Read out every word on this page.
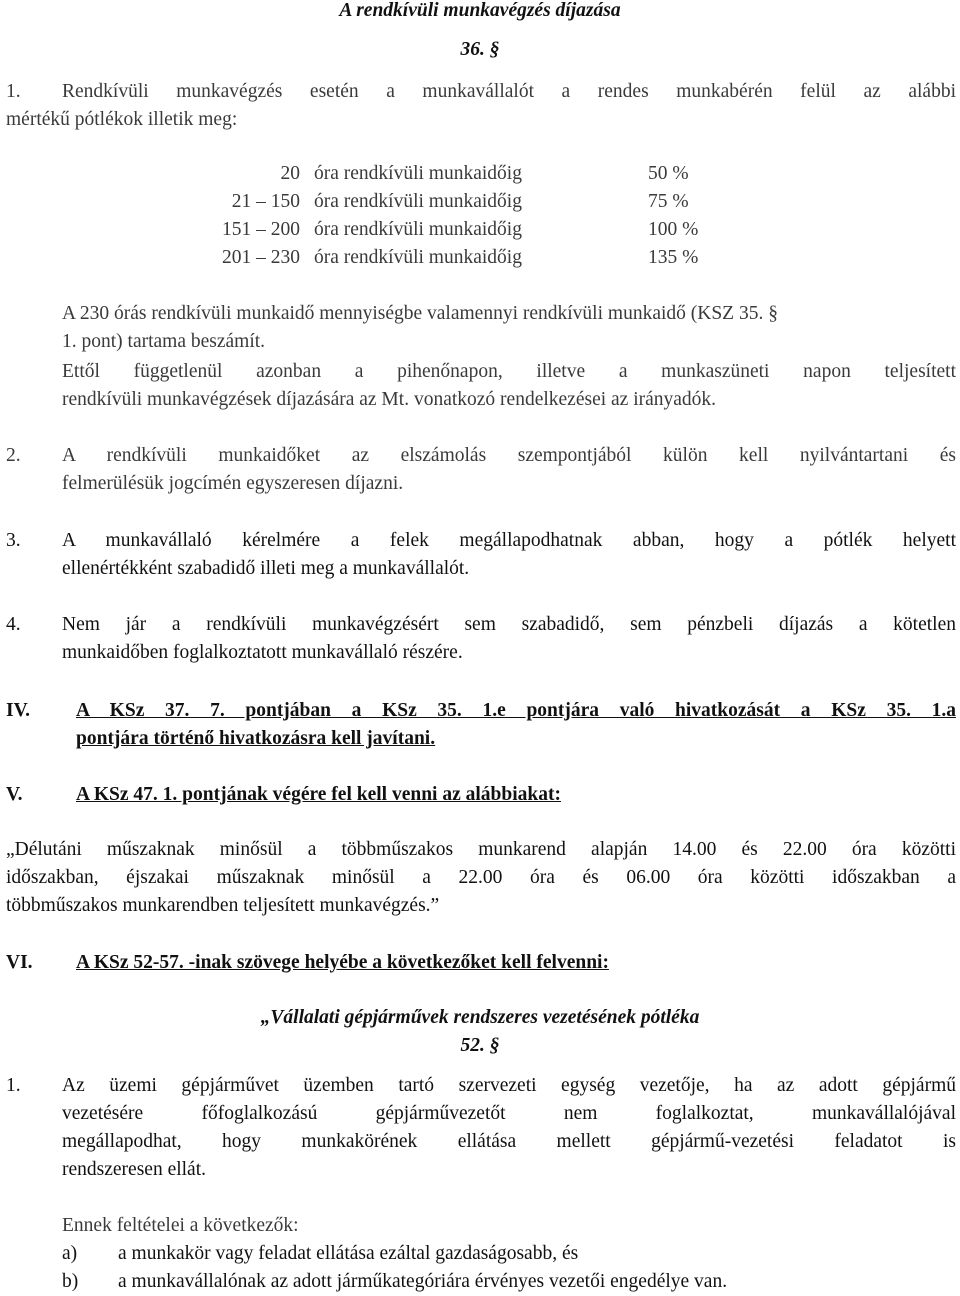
A rendkívüli munkavégzés díjazása
36. §
1. Rendkívüli munkavégzés esetén a munkavállalót a rendes munkabérén felül az alábbi
mértékű pótlékok illetik meg:
20	óra rendkívüli munkaidőig	50 %
21 – 150	óra rendkívüli munkaidőig	75 %
151 – 200	óra rendkívüli munkaidőig	100 %
201 – 230	óra rendkívüli munkaidőig	135 %
A 230 órás rendkívüli munkaidő mennyiségbe valamennyi rendkívüli munkaidő (KSZ 35. §
1. pont) tartama beszámít.
Ettől függetlenül azonban a pihenőnapon, illetve a munkaszüneti napon teljesített
rendkívüli munkavégzések díjazására az Mt. vonatkozó rendelkezései az irányadók.
2. A rendkívüli munkaidőket az elszámolás szempontjából külön kell nyilvántartani és
felmerülésük jogcímén egyszeresen díjazni.
3. A munkavállaló kérelmére a felek megállapodhatnak abban, hogy a pótlék helyett
ellenértékként szabadidő illeti meg a munkavállalót.
4. Nem jár a rendkívüli munkavégzésért sem szabadidő, sem pénzbeli díjazás a kötetlen
munkaidőben foglalkoztatott munkavállaló részére.
IV. A KSz 37. 7. pontjában a KSz 35. 1.e pontjára való hivatkozását a KSz 35. 1.a
pontjára történő hivatkozásra kell javítani.
V.	A KSz 47. 1. pontjának végére fel kell venni az alábbiakat:
„Délutáni műszaknak minősül a többműszakos munkarend alapján 14.00 és 22.00 óra közötti
időszakban, éjszakai műszaknak minősül a 22.00 óra és 06.00 óra közötti időszakban a
többműszakos munkarendben teljesített munkavégzés.”
VI. A KSz 52-57. -inak szövege helyébe a következőket kell felvenni:
„Vállalati gépjárművek rendszeres vezetésének pótléka
52. §
1. Az üzemi gépjárművet üzemben tartó szervezeti egység vezetője, ha az adott gépjármű
vezetésére főfoglalkozású gépjárművezetőt nem foglalkoztat, munkavállalójával
megállapodhat, hogy munkakörének ellátása mellett gépjármű-vezetési feladatot is
rendszeresen ellát.
Ennek feltételei a következők:
a) a munkakör vagy feladat ellátása ezáltal gazdaságosabb, és
b) a munkavállalónak az adott járműkategóriára érvényes vezetői engedélye van.
